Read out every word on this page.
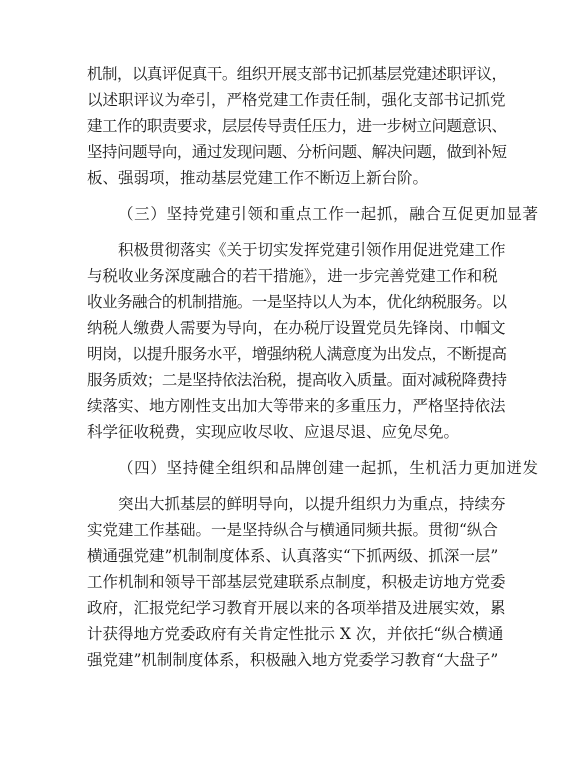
机制，以真评促真干。组织开展支部书记抓基层党建述职评议，
以述职评议为牵引，严格党建工作责任制，强化支部书记抓党
建工作的职责要求，层层传导责任压力，进一步树立问题意识、
坚持问题导向，通过发现问题、分析问题、解决问题，做到补短
板、强弱项，推动基层党建工作不断迈上新台阶。
（三）坚持党建引领和重点工作一起抓，融合互促更加显著
积极贯彻落实《关于切实发挥党建引领作用促进党建工作
与税收业务深度融合的若干措施》，进一步完善党建工作和税
收业务融合的机制措施。一是坚持以人为本，优化纳税服务。以
纳税人缴费人需要为导向，在办税厅设置党员先锋岗、巾帼文
明岗，以提升服务水平，增强纳税人满意度为出发点，不断提高
服务质效；二是坚持依法治税，提高收入质量。面对减税降费持
续落实、地方刚性支出加大等带来的多重压力，严格坚持依法
科学征收税费，实现应收尽收、应退尽退、应免尽免。
（四）坚持健全组织和品牌创建一起抓，生机活力更加迸发
突出大抓基层的鲜明导向，以提升组织力为重点，持续夯
实党建工作基础。一是坚持纵合与横通同频共振。贯彻“纵合
横通强党建”机制制度体系、认真落实“下抓两级、抓深一层”
工作机制和领导干部基层党建联系点制度，积极走访地方党委
政府，汇报党纪学习教育开展以来的各项举措及进展实效，累
计获得地方党委政府有关肯定性批示 X 次，并依托“纵合横通
强党建”机制制度体系，积极融入地方党委学习教育“大盘子”
